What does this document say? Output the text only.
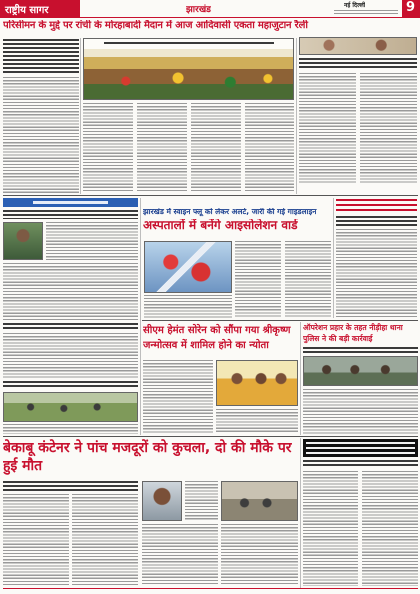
राष्ट्रीय सागर	झारखंड	नई दिल्ली	9
परिसीमन के मुद्दे पर रांची के मोरहाबादी मैदान में आज आदिवासी एकता महाजुटान रैली
झारखंड में स्वाइन फ्लू को लेकर अलर्ट, जारी की गई गाइडलाइन
अस्पतालों में बनेंगे आइसोलेशन वार्ड
सीएम हेमंत सोरेन को सौंपा गया श्रीकृष्ण जन्मोत्सव में शामिल होने का न्योता
ऑपरेशन प्रहार के तहत नीड़ीहा थाना पुलिस ने की बड़ी कार्रवाई
बेकाबू कंटेनर ने पांच मजदूरों को कुचला, दो की मौके पर हुई मौत
